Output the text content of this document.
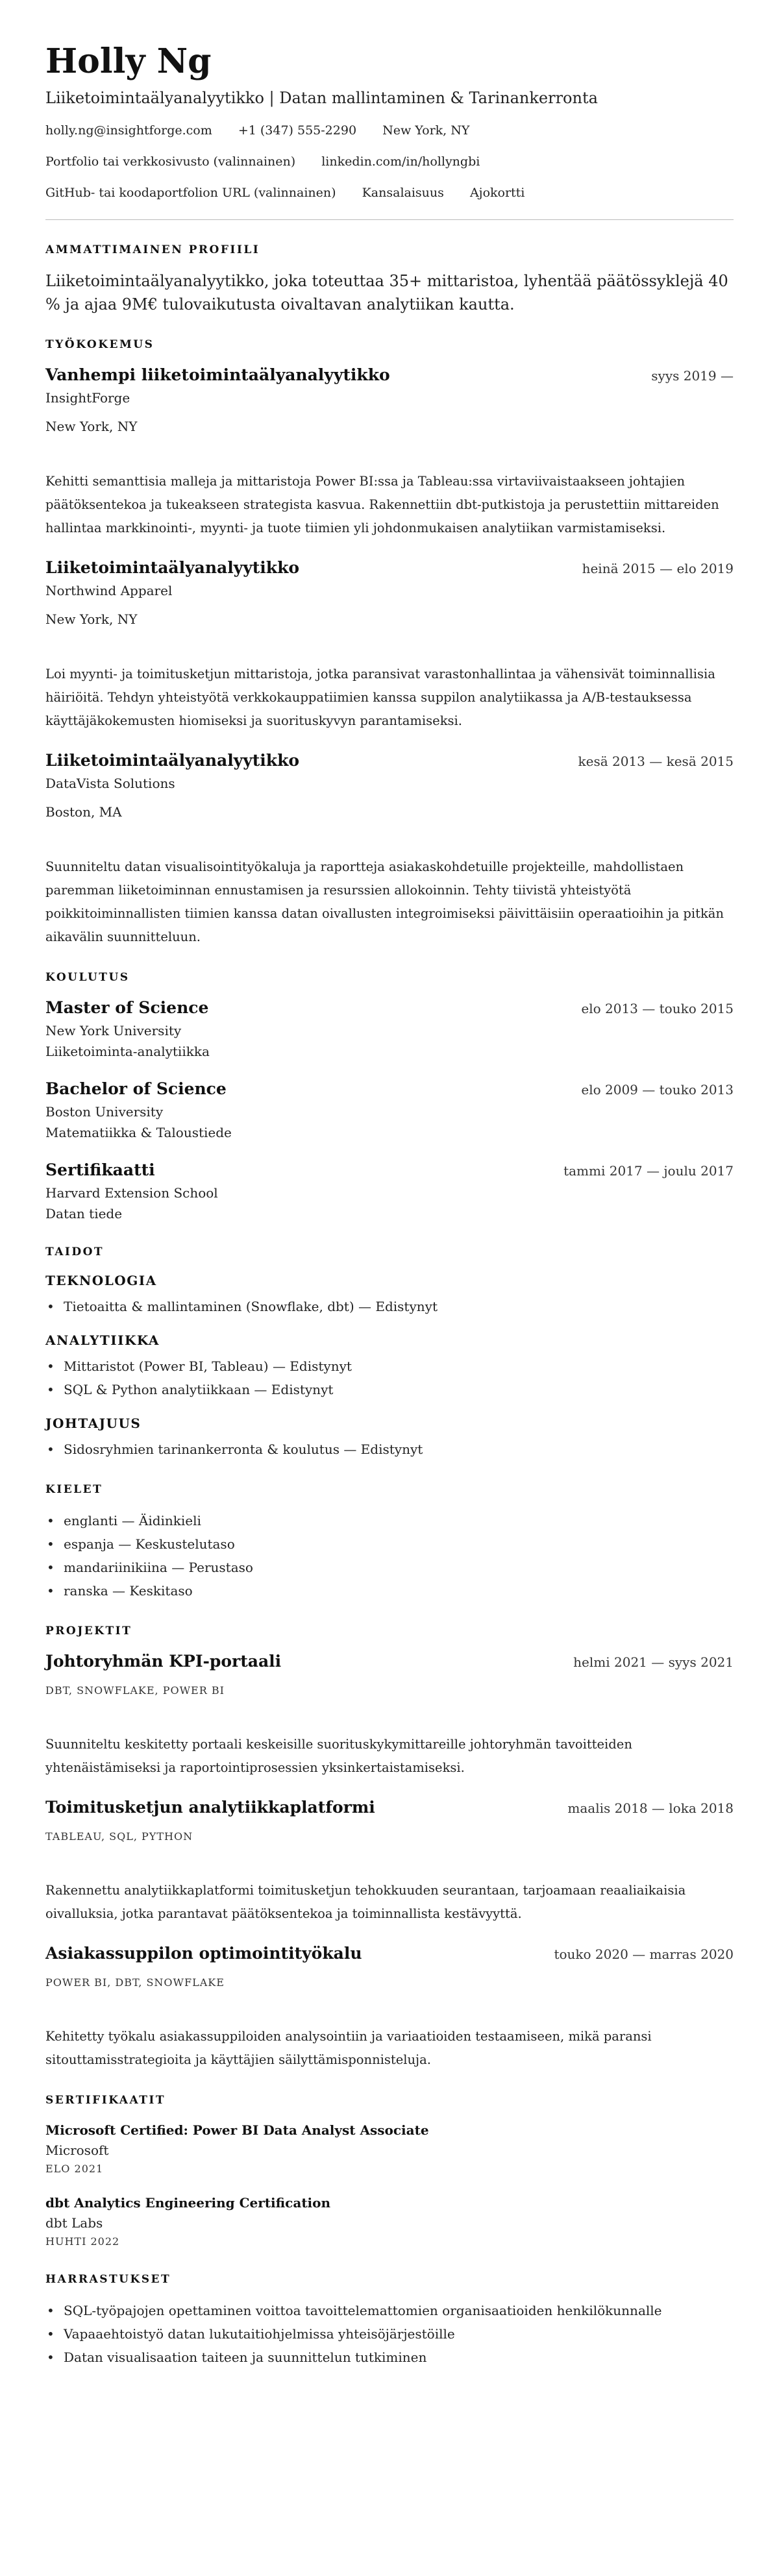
Holly Ng
Liiketoimintaälyanalyytikko | Datan mallintaminen & Tarinankerronta
holly.ng@insightforge.com +1 (347) 555-2290 New York, NY
Portfolio tai verkkosivusto (valinnainen) linkedin.com/in/hollyngbi
GitHub- tai koodaportfolion URL (valinnainen) Kansalaisuus Ajokortti
AMMATTIMAINEN PROFIILI

Liiketoimintaälyanalyytikko, joka toteuttaa 35+ mittaristoa, lyhentää päätössyklejä 40 % ja ajaa 9M€ tulovaikutusta oivaltavan analytiikan kautta.

TYÖKOKEMUS
Vanhempi liiketoimintaälyanalyytikko	syys 2019 —
InsightForge
New York, NY

Kehitti semanttisia malleja ja mittaristoja Power BI:ssa ja Tableau:ssa virtaviivaistaakseen johtajien päätöksentekoa ja tukeakseen strategista kasvua. Rakennettiin dbt-putkistoja ja perustettiin mittareiden hallintaa markkinointi-, myynti- ja tuote tiimien yli johdonmukaisen analytiikan varmistamiseksi.

Liiketoimintaälyanalyytikko	heinä 2015 — elo 2019
Northwind Apparel
New York, NY

Loi myynti- ja toimitusketjun mittaristoja, jotka paransivat varastonhallintaa ja vähensivät toiminnallisia häiriöitä. Tehdyn yhteistyötä verkkokauppatiimien kanssa suppilon analytiikassa ja A/B-testauksessa käyttäjäkokemusten hiomiseksi ja suorituskyvyn parantamiseksi.

Liiketoimintaälyanalyytikko	kesä 2013 — kesä 2015
DataVista Solutions
Boston, MA

Suunniteltu datan visualisointityökaluja ja raportteja asiakaskohdetuille projekteille, mahdollistaen paremman liiketoiminnan ennustamisen ja resurssien allokoinnin. Tehty tiivistä yhteistyötä poikkitoiminnallisten tiimien kanssa datan oivallusten integroimiseksi päivittäisiin operaatioihin ja pitkän aikavälin suunnitteluun.

KOULUTUS
Master of Science	elo 2013 — touko 2015
New York University
Liiketoiminta-analytiikka
Bachelor of Science	elo 2009 — touko 2013
Boston University
Matematiikka & Taloustiede
Sertifikaatti	tammi 2017 — joulu 2017
Harvard Extension School
Datan tiede
TAIDOT
TEKNOLOGIA
• Tietoaitta & mallintaminen (Snowflake, dbt) — Edistynyt
ANALYTIIKKA
• Mittaristot (Power BI, Tableau) — Edistynyt
• SQL & Python analytiikkaan — Edistynyt
JOHTAJUUS
• Sidosryhmien tarinankerronta & koulutus — Edistynyt
KIELET
• englanti — Äidinkieli
• espanja — Keskustelutaso
• mandariinikiina — Perustaso
• ranska — Keskitaso
PROJEKTIT
Johtoryhmän KPI-portaali	helmi 2021 — syys 2021
DBT, SNOWFLAKE, POWER BI

Suunniteltu keskitetty portaali keskeisille suorituskykymittareille johtoryhmän tavoitteiden yhtenäistämiseksi ja raportointiprosessien yksinkertaistamiseksi.

Toimitusketjun analytiikkaplatformi	maalis 2018 — loka 2018
TABLEAU, SQL, PYTHON

Rakennettu analytiikkaplatformi toimitusketjun tehokkuuden seurantaan, tarjoamaan reaaliaikaisia oivalluksia, jotka parantavat päätöksentekoa ja toiminnallista kestävyyttä.

Asiakassuppilon optimointityökalu	touko 2020 — marras 2020
POWER BI, DBT, SNOWFLAKE

Kehitetty työkalu asiakassuppiloiden analysointiin ja variaatioiden testaamiseen, mikä paransi sitouttamisstrategioita ja käyttäjien säilyttämisponnisteluja.

SERTIFIKAATIT
Microsoft Certified: Power BI Data Analyst Associate
Microsoft
ELO 2021
dbt Analytics Engineering Certification
dbt Labs
HUHTI 2022
HARRASTUKSET
• SQL-työpajojen opettaminen voittoa tavoittelemattomien organisaatioiden henkilökunnalle
• Vapaaehtoistyö datan lukutaitiohjelmissa yhteisöjärjestöille
• Datan visualisaation taiteen ja suunnittelun tutkiminen
